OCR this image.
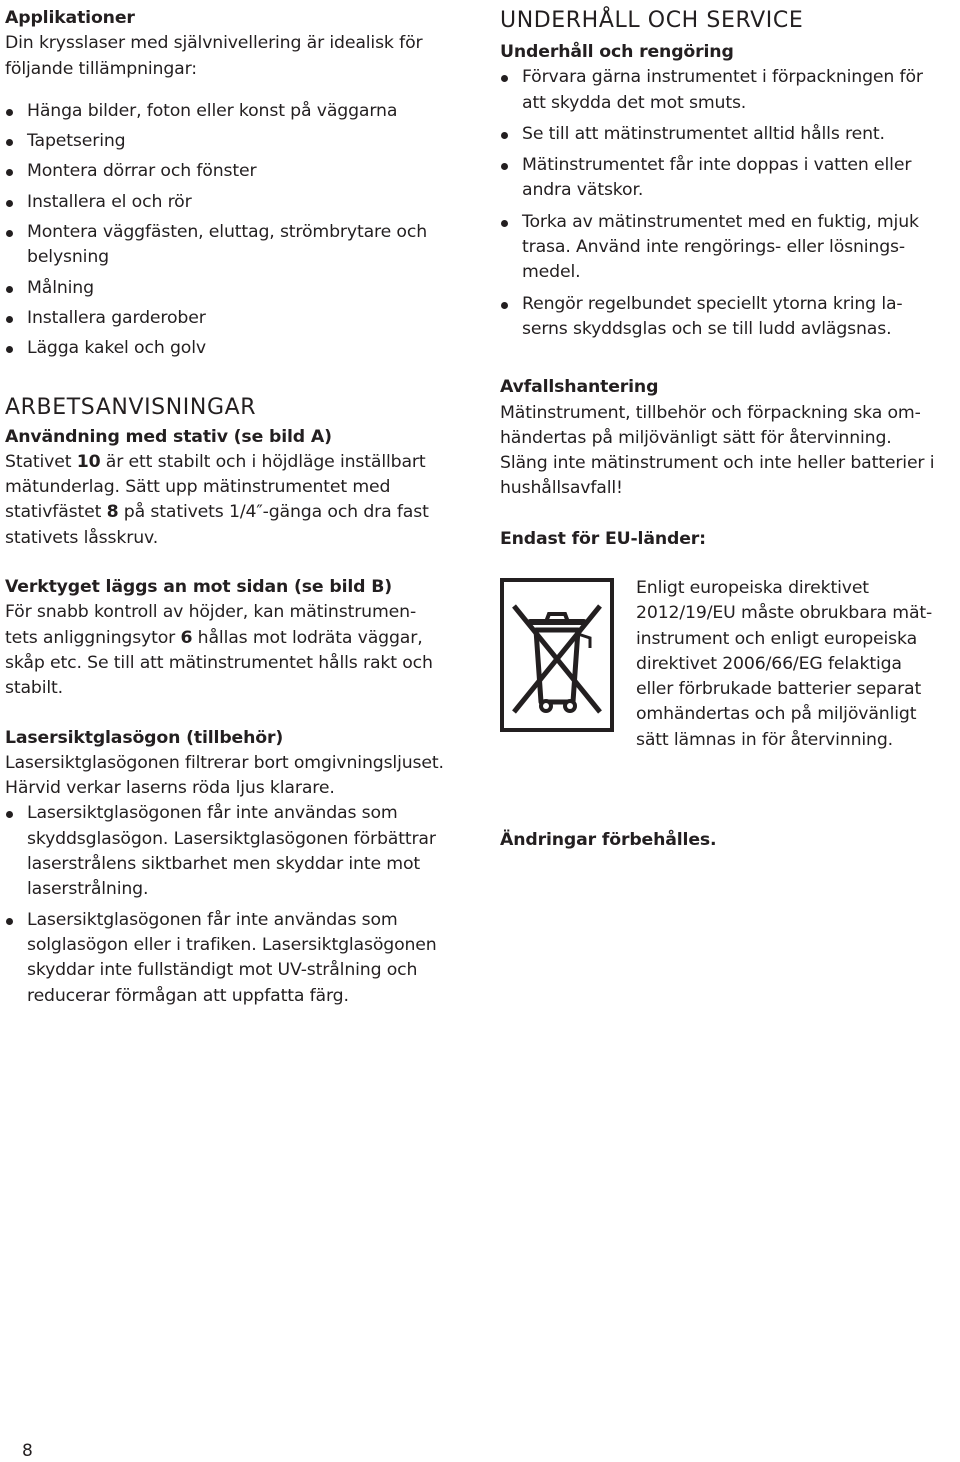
Applikationer

Din krysslaser med självnivellering är idealisk för

följande tillämpningar:

Hänga bilder, foton eller konst på väggarna
Tapetsering
Montera dörrar och fönster
Installera el och rör
Montera väggfästen, eluttag, strömbrytare och
belysning
Målning
Installera garderober
Lägga kakel och golv
ARBETSANVISNINGAR

Användning med stativ (se bild A)

Stativet 10 är ett stabilt och i höjdläge inställbart

mätunderlag. Sätt upp mätinstrumentet med

stativfästet 8 på stativets 1/4″-gänga och dra fast

stativets låsskruv.

Verktyget läggs an mot sidan (se bild B)

För snabb kontroll av höjder, kan mätinstrumen-

tets anliggningsytor 6 hållas mot lodräta väggar,

skåp etc. Se till att mätinstrumentet hålls rakt och

stabilt.

Lasersiktglasögon (tillbehör)

Lasersiktglasögonen filtrerar bort omgivningsljuset.

Härvid verkar laserns röda ljus klarare.

Lasersiktglasögonen får inte användas som
skyddsglasögon. Lasersiktglasögonen förbättrar
laserstrålens siktbarhet men skyddar inte mot
laserstrålning.
Lasersiktglasögonen får inte användas som
solglasögon eller i trafiken. Lasersiktglasögonen
skyddar inte fullständigt mot UV-strålning och
reducerar förmågan att uppfatta färg.
UNDERHÅLL OCH SERVICE

Underhåll och rengöring

Förvara gärna instrumentet i förpackningen för
att skydda det mot smuts.
Se till att mätinstrumentet alltid hålls rent.
Mätinstrumentet får inte doppas i vatten eller
andra vätskor.
Torka av mätinstrumentet med en fuktig, mjuk
trasa. Använd inte rengörings- eller lösnings-
medel.
Rengör regelbundet speciellt ytorna kring la-
serns skyddsglas och se till ludd avlägsnas.

Avfallshantering

Mätinstrument, tillbehör och förpackning ska om-

händertas på miljövänligt sätt för återvinning.

Släng inte mätinstrument och inte heller batterier i

hushållsavfall!

Endast för EU-länder:

Enligt europeiska direktivet

2012/19/EU måste obrukbara mät-

instrument och enligt europeiska

direktivet 2006/66/EG felaktiga

eller förbrukade batterier separat

omhändertas och på miljövänligt

sätt lämnas in för återvinning.

Ändringar förbehålles.

8
